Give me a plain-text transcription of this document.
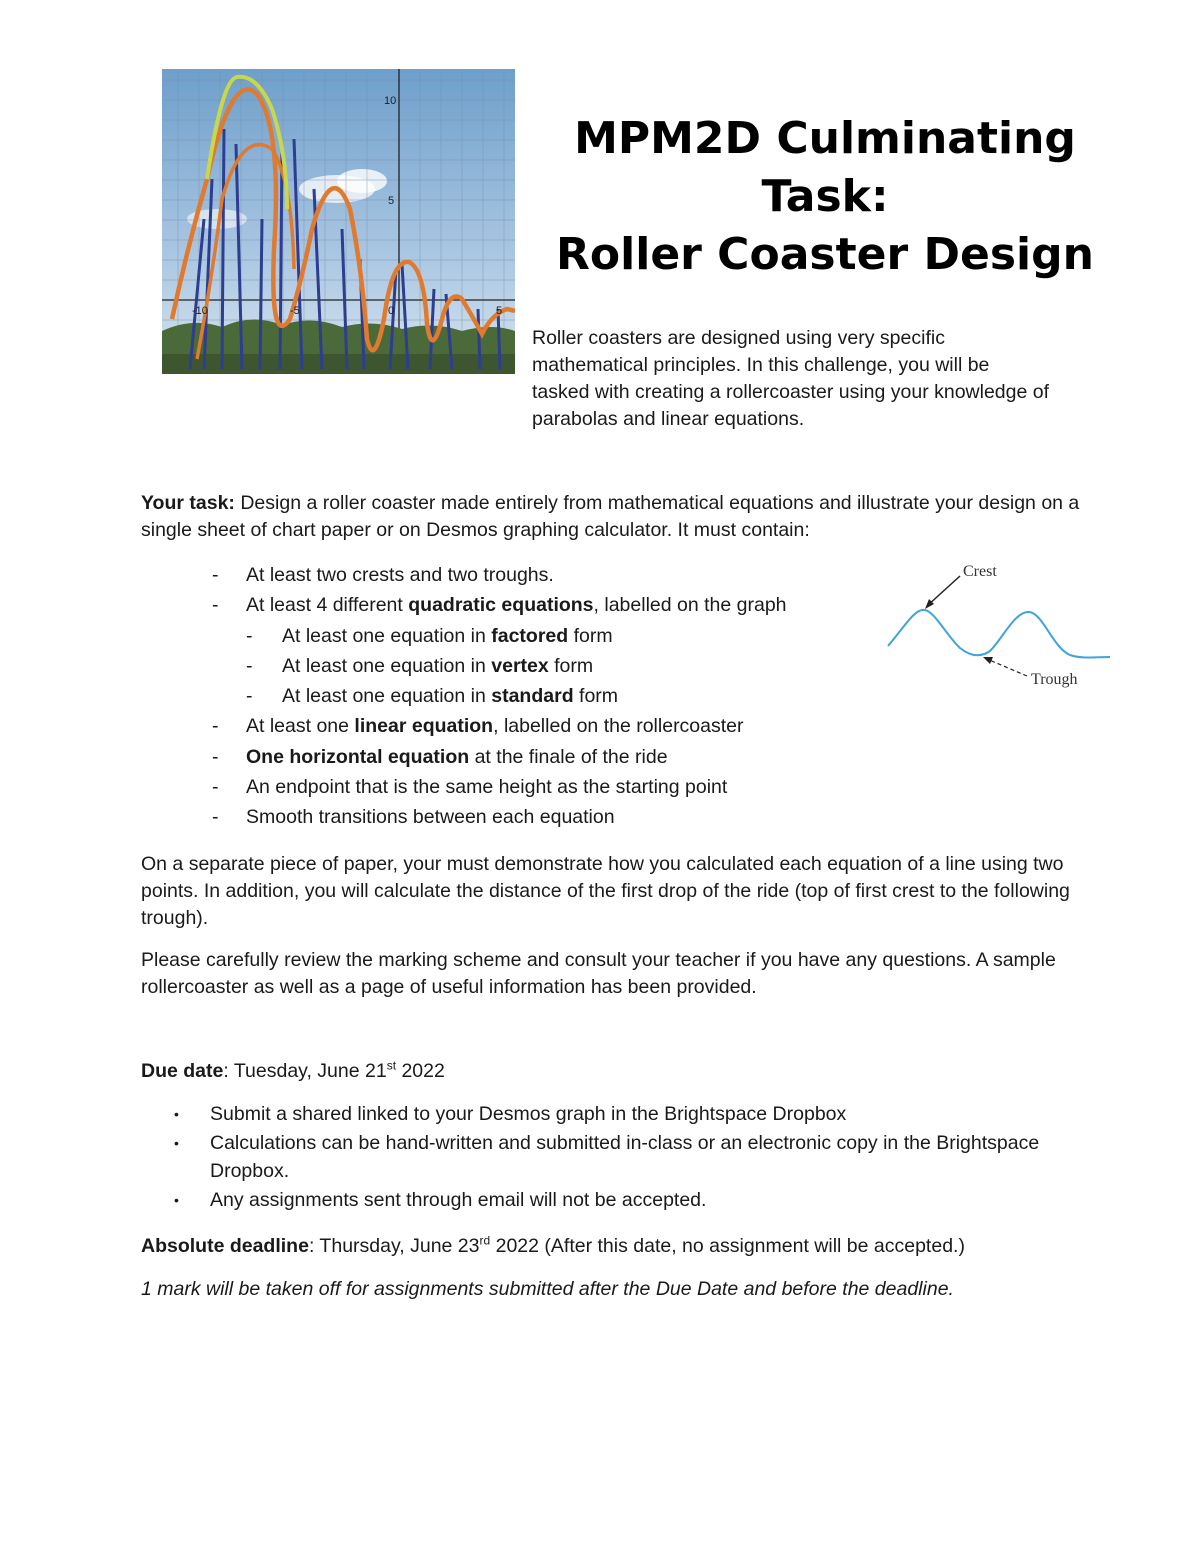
10
5
-10	-5	0	5
MPM2D Culminating
Task:
Roller Coaster Design
Roller coasters are designed using very specific mathematical principles. In this challenge, you will be tasked with creating a rollercoaster using your knowledge of parabolas and linear equations.
Your task: Design a roller coaster made entirely from mathematical equations and illustrate your design on a single sheet of chart paper or on Desmos graphing calculator. It must contain:
- At least two crests and two troughs.
- At least 4 different quadratic equations, labelled on the graph
- At least one equation in factored form
- At least one equation in vertex form
- At least one equation in standard form
- At least one linear equation, labelled on the rollercoaster
- One horizontal equation at the finale of the ride
- An endpoint that is the same height as the starting point
- Smooth transitions between each equation
Crest
Trough
On a separate piece of paper, your must demonstrate how you calculated each equation of a line using two points. In addition, you will calculate the distance of the first drop of the ride (top of first crest to the following trough).
Please carefully review the marking scheme and consult your teacher if you have any questions. A sample rollercoaster as well as a page of useful information has been provided.
Due date: Tuesday, June 21st 2022
• Submit a shared linked to your Desmos graph in the Brightspace Dropbox
• Calculations can be hand-written and submitted in-class or an electronic copy in the Brightspace Dropbox.
• Any assignments sent through email will not be accepted.
Absolute deadline: Thursday, June 23rd 2022 (After this date, no assignment will be accepted.)
1 mark will be taken off for assignments submitted after the Due Date and before the deadline.
